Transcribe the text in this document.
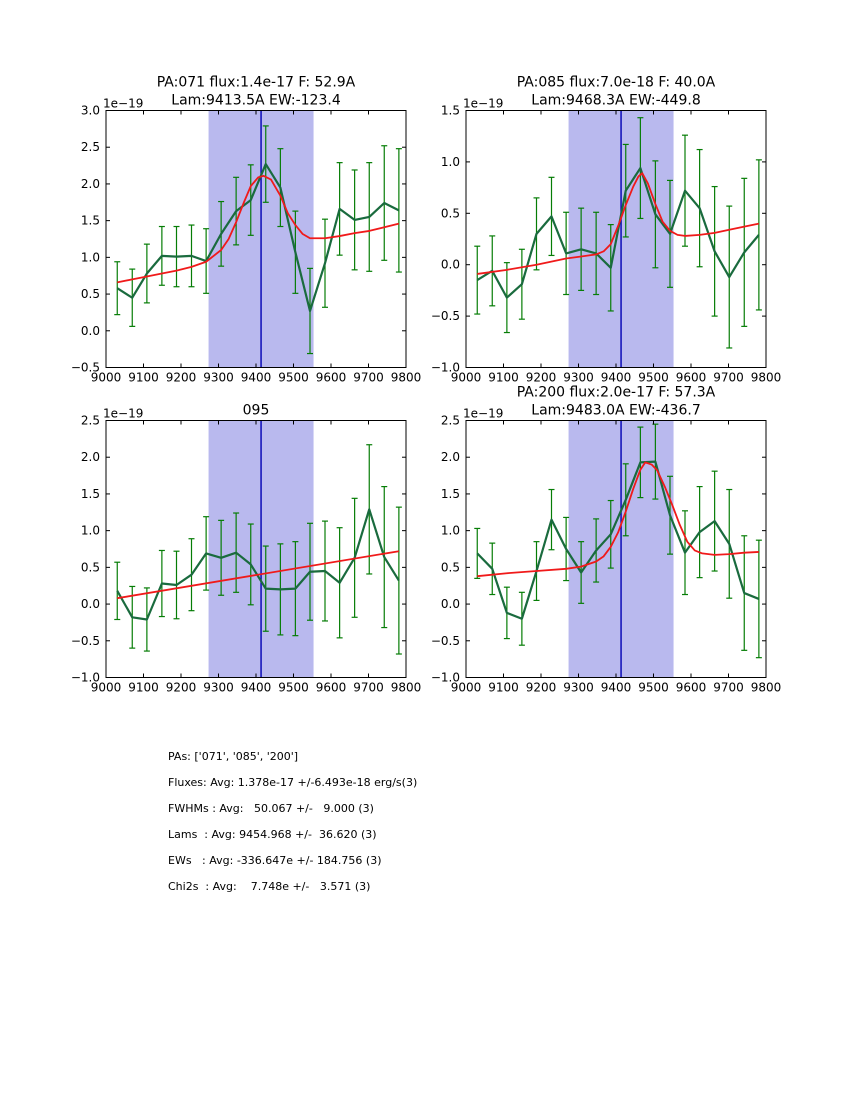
9000 9100 9200 9300 9400 9500 9600 9700 9800
−0.5
0.0
0.5
1.0
1.5
2.0
2.5
3.0 1e−19
PA:071 flux:1.4e-17 F: 52.9A
Lam:9413.5A EW:-123.4
9000 9100 9200 9300 9400 9500 9600 9700 9800
−1.0
−0.5
0.0
0.5
1.0
1.5 1e−19
PA:085 flux:7.0e-18 F: 40.0A
Lam:9468.3A EW:-449.8
9000 9100 9200 9300 9400 9500 9600 9700 9800
−1.0
−0.5
0.0
0.5
1.0
1.5
2.0
2.5 1e−19	095
9000 9100 9200 9300 9400 9500 9600 9700 9800
−1.0
−0.5
0.0
0.5
1.0
1.5
2.0
2.5 1e−19
PA:200 flux:2.0e-17 F: 57.3A
Lam:9483.0A EW:-436.7
PAs: ['071', '085', '200']
Fluxes: Avg: 1.378e-17 +/-6.493e-18 erg/s(3)
FWHMs : Avg:   50.067 +/-   9.000 (3)
Lams  : Avg: 9454.968 +/-  36.620 (3)
EWs   : Avg: -336.647e +/- 184.756 (3)
Chi2s  : Avg:    7.748e +/-   3.571 (3)
